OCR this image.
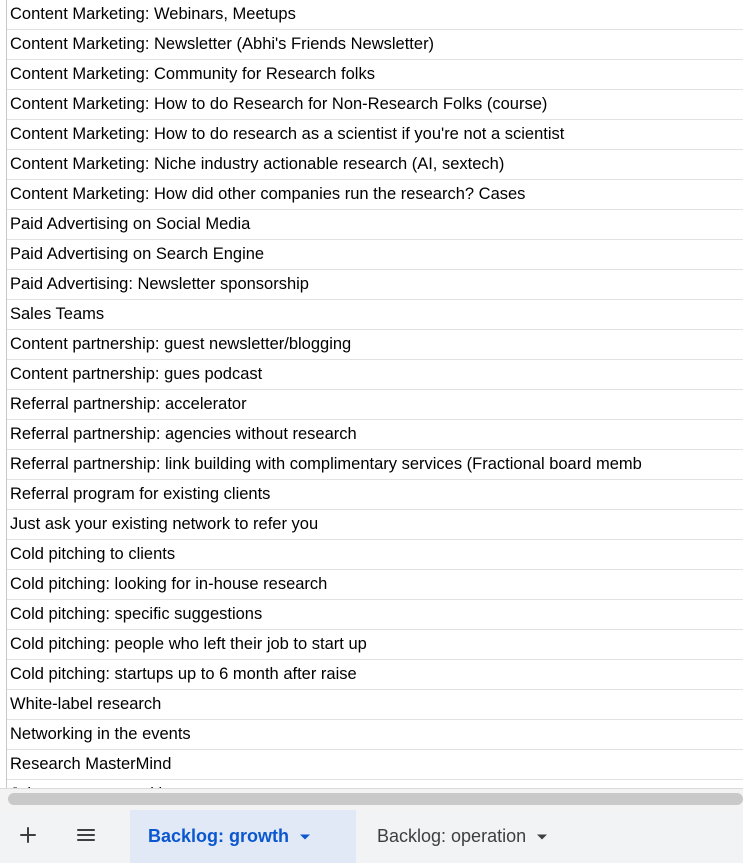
Content Marketing: Webinars, Meetups
Content Marketing: Newsletter (Abhi's Friends Newsletter)
Content Marketing: Community for Research folks
Content Marketing: How to do Research for Non-Research Folks (course)
Content Marketing: How to do research as a scientist if you're not a scientist
Content Marketing: Niche industry actionable research (AI, sextech)
Content Marketing: How did other companies run the research? Cases
Paid Advertising on Social Media
Paid Advertising on Search Engine
Paid Advertising: Newsletter sponsorship
Sales Teams
Content partnership: guest newsletter/blogging
Content partnership: gues podcast
Referral partnership: accelerator
Referral partnership: agencies without research
Referral partnership: link building with complimentary services (Fractional board memb
Referral program for existing clients
Just ask your existing network to refer you
Cold pitching to clients
Cold pitching: looking for in-house research
Cold pitching: specific suggestions
Cold pitching: people who left their job to start up
Cold pitching: startups up to 6 month after raise
White-label research
Networking in the events
Research MasterMind
Backlog: growth	Backlog: operation
